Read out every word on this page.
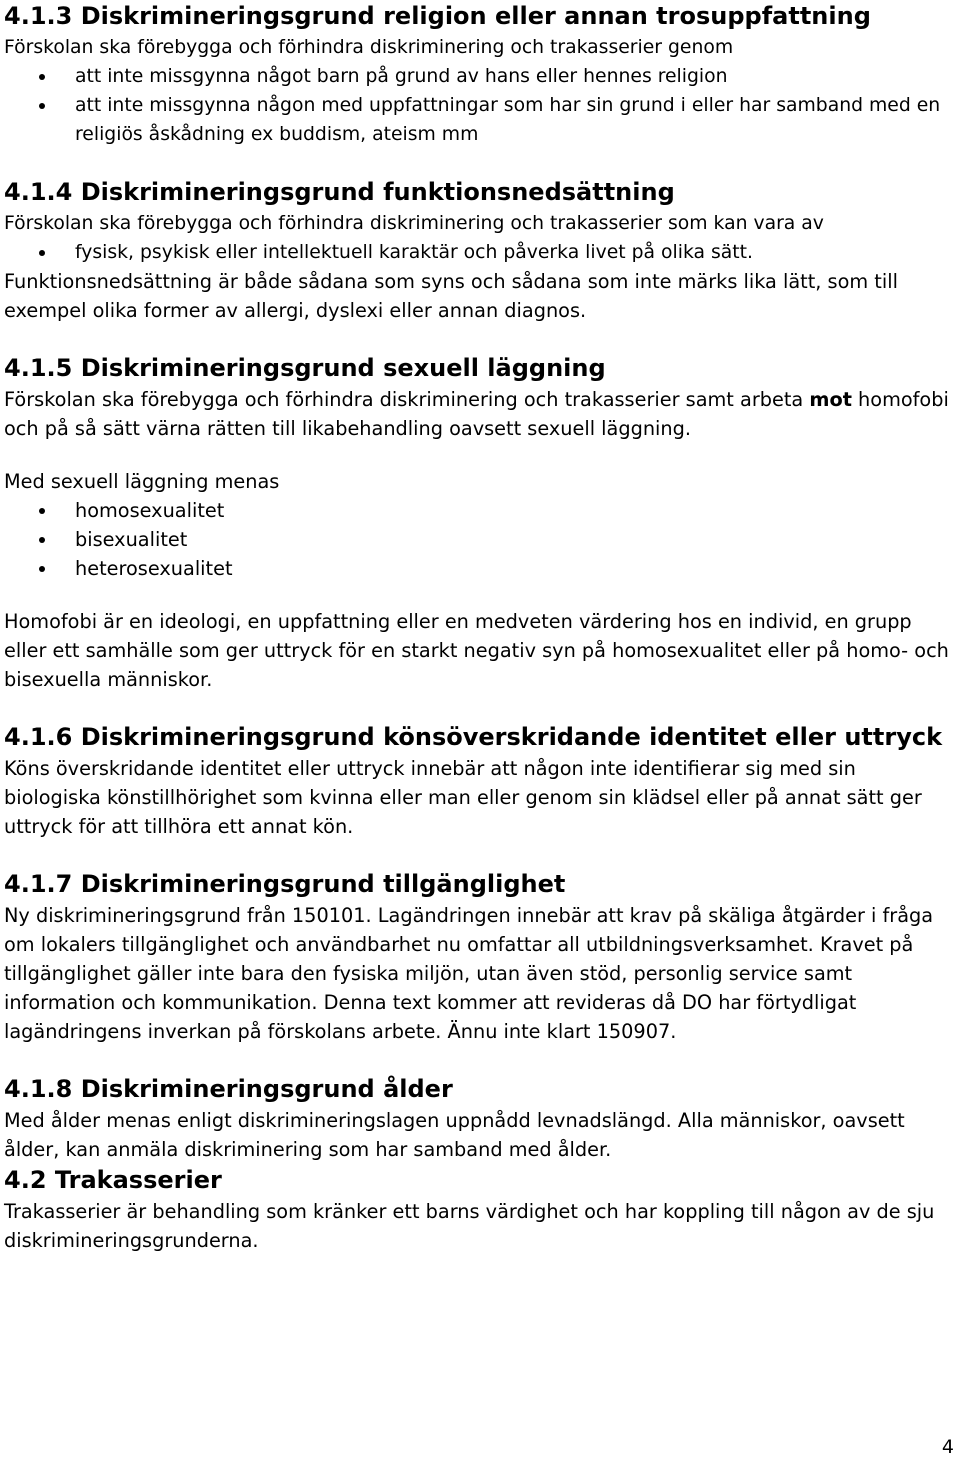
4.1.3 Diskrimineringsgrund religion eller annan trosuppfattning

Förskolan ska förebygga och förhindra diskriminering och trakasserier genom

att inte missgynna något barn på grund av hans eller hennes religion
att inte missgynna någon med uppfattningar som har sin grund i eller har samband med en religiös åskådning ex buddism, ateism mm
4.1.4 Diskrimineringsgrund funktionsnedsättning

Förskolan ska förebygga och förhindra diskriminering och trakasserier som kan vara av

fysisk, psykisk eller intellektuell karaktär och påverka livet på olika sätt.

Funktionsnedsättning är både sådana som syns och sådana som inte märks lika lätt, som till exempel olika former av allergi, dyslexi eller annan diagnos.

4.1.5 Diskrimineringsgrund sexuell läggning

Förskolan ska förebygga och förhindra diskriminering och trakasserier samt arbeta mot homofobi och på så sätt värna rätten till likabehandling oavsett sexuell läggning.

Med sexuell läggning menas

homosexualitet
bisexualitet
heterosexualitet

Homofobi är en ideologi, en uppfattning eller en medveten värdering hos en individ, en grupp eller ett samhälle som ger uttryck för en starkt negativ syn på homosexualitet eller på homo- och bisexuella människor.

4.1.6 Diskrimineringsgrund könsöverskridande identitet eller uttryck

Köns överskridande identitet eller uttryck innebär att någon inte identifierar sig med sin biologiska könstillhörighet som kvinna eller man eller genom sin klädsel eller på annat sätt ger uttryck för att tillhöra ett annat kön.

4.1.7 Diskrimineringsgrund tillgänglighet

Ny diskrimineringsgrund från 150101. Lagändringen innebär att krav på skäliga åtgärder i fråga om lokalers tillgänglighet och användbarhet nu omfattar all utbildningsverksamhet. Kravet på tillgänglighet gäller inte bara den fysiska miljön, utan även stöd, personlig service samt information och kommunikation. Denna text kommer att revideras då DO har förtydligat lagändringens inverkan på förskolans arbete. Ännu inte klart 150907.

4.1.8 Diskrimineringsgrund ålder

Med ålder menas enligt diskrimineringslagen uppnådd levnadslängd. Alla människor, oavsett ålder, kan anmäla diskriminering som har samband med ålder.

4.2 Trakasserier

Trakasserier är behandling som kränker ett barns värdighet och har koppling till någon av de sju diskrimineringsgrunderna.

4
